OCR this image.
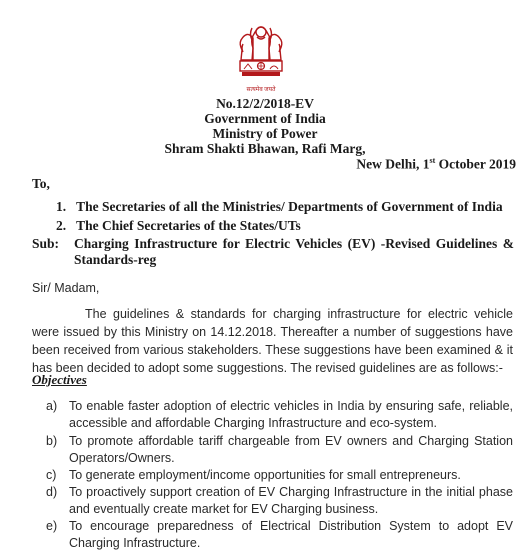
सत्यमेव जयते
No.12/2/2018-EV
Government of India
Ministry of Power
Shram Shakti Bhawan, Rafi Marg,
New Delhi, 1st October 2019
To,
1. The Secretaries of all the Ministries/ Departments of Government of India
2. The Chief Secretaries of the States/UTs
Sub: Charging Infrastructure for Electric Vehicles (EV) -Revised Guidelines & Standards-reg
Sir/ Madam,
The guidelines & standards for charging infrastructure for electric vehicle were issued by this Ministry on 14.12.2018. Thereafter a number of suggestions have been received from various stakeholders. These suggestions have been examined & it has been decided to adopt some suggestions. The revised guidelines are as follows:-
Objectives
a) To enable faster adoption of electric vehicles in India by ensuring safe, reliable, accessible and affordable Charging Infrastructure and eco-system.
b) To promote affordable tariff chargeable from EV owners and Charging Station Operators/Owners.
c) To generate employment/income opportunities for small entrepreneurs.
d) To proactively support creation of EV Charging Infrastructure in the initial phase and eventually create market for EV Charging business.
e) To encourage preparedness of Electrical Distribution System to adopt EV Charging Infrastructure.
